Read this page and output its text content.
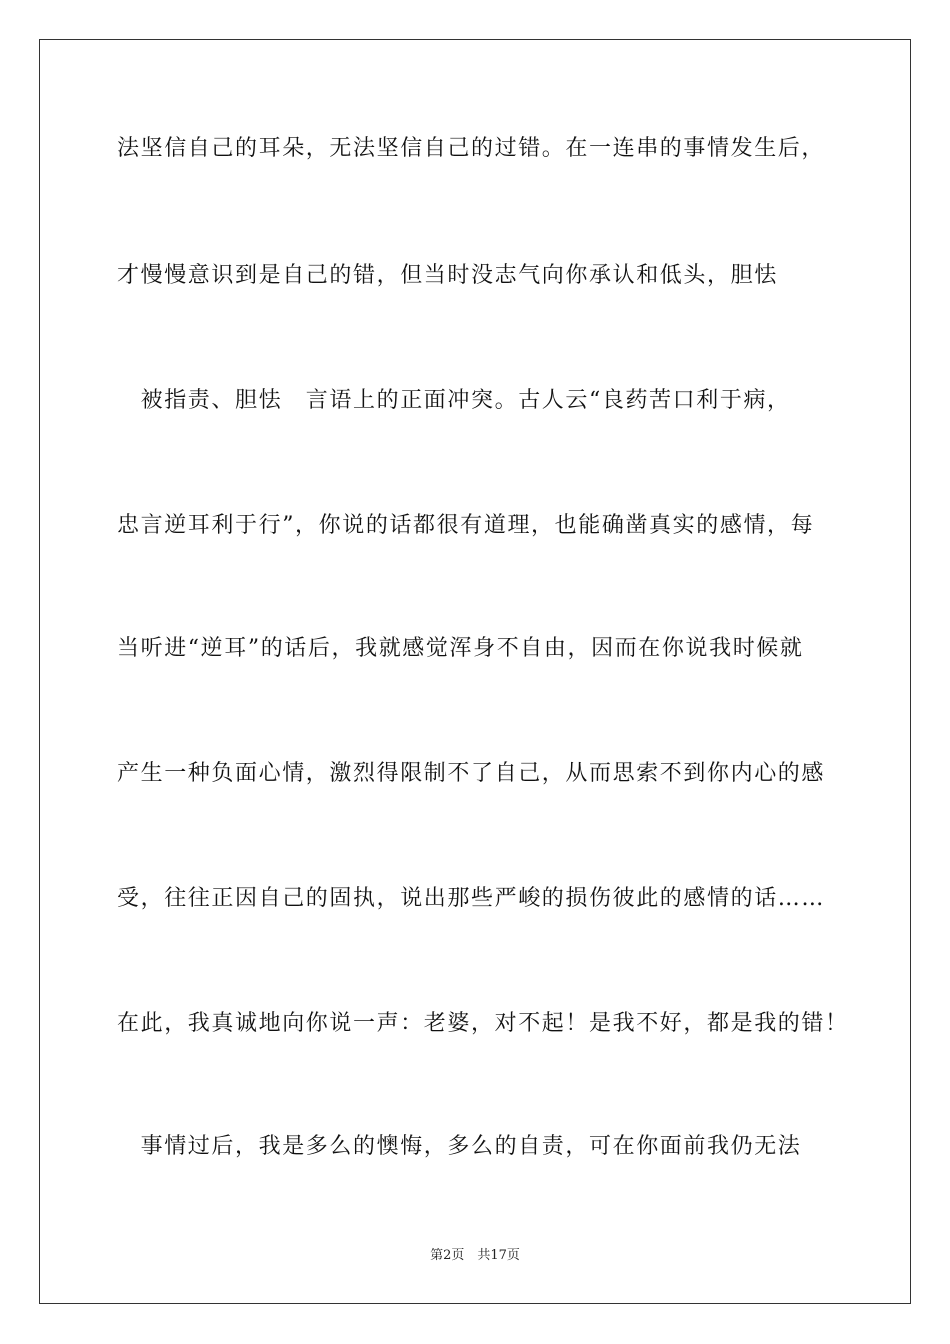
法坚信自己的耳朵，无法坚信自己的过错。在一连串的事情发生后，
才慢慢意识到是自己的错，但当时没志气向你承认和低头，胆怯
　被指责、胆怯　言语上的正面冲突。古人云“良药苦口利于病，
忠言逆耳利于行”，你说的话都很有道理，也能确凿真实的感情，每
当听进“逆耳”的话后，我就感觉浑身不自由，因而在你说我时候就
产生一种负面心情，激烈得限制不了自己，从而思索不到你内心的感
受，往往正因自己的固执，说出那些严峻的损伤彼此的感情的话……
在此，我真诚地向你说一声：老婆，对不起！是我不好，都是我的错！
　事情过后，我是多么的懊悔，多么的自责，可在你面前我仍无法
第2页　共17页
